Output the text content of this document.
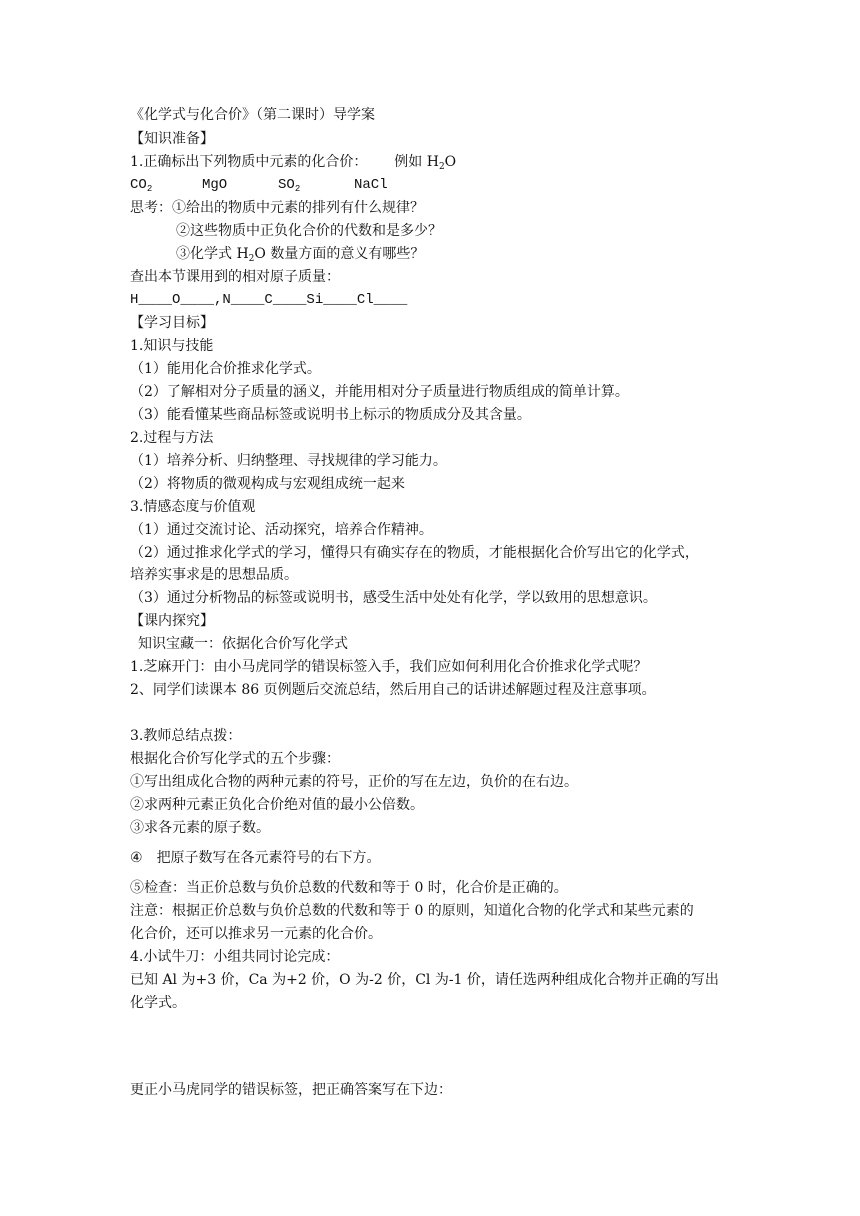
《化学式与化合价》（第二课时）导学案
【知识准备】
1.正确标出下列物质中元素的化合价： 例如 $H_2O$
$CO_2$	MgO	$SO_2$	NaCl
思考：①给出的物质中元素的排列有什么规律？
②这些物质中正负化合价的代数和是多少？
③化学式 $H_2O$ 数量方面的意义有哪些？
查出本节课用到的相对原子质量：
H____O____,N____C____Si____Cl____
【学习目标】
1.知识与技能
（1）能用化合价推求化学式。
（2）了解相对分子质量的涵义，并能用相对分子质量进行物质组成的简单计算。
（3）能看懂某些商品标签或说明书上标示的物质成分及其含量。
2.过程与方法
（1）培养分析、归纳整理、寻找规律的学习能力。
（2）将物质的微观构成与宏观组成统一起来
3.情感态度与价值观
（1）通过交流讨论、活动探究，培养合作精神。
（2）通过推求化学式的学习，懂得只有确实存在的物质，才能根据化合价写出它的化学式，
培养实事求是的思想品质。
（3）通过分析物品的标签或说明书，感受生活中处处有化学，学以致用的思想意识。
【课内探究】
知识宝藏一：依据化合价写化学式
1.芝麻开门：由小马虎同学的错误标签入手，我们应如何利用化合价推求化学式呢？
2、同学们读课本 86 页例题后交流总结，然后用自己的话讲述解题过程及注意事项。
3.教师总结点拨：
根据化合价写化学式的五个步骤：
①写出组成化合物的两种元素的符号，正价的写在左边，负价的在右边。
②求两种元素正负化合价绝对值的最小公倍数。
③求各元素的原子数。
④ 把原子数写在各元素符号的右下方。
⑤检查：当正价总数与负价总数的代数和等于 0 时，化合价是正确的。
注意：根据正价总数与负价总数的代数和等于 0 的原则，知道化合物的化学式和某些元素的
化合价，还可以推求另一元素的化合价。
4.小试牛刀：小组共同讨论完成：
已知 Al 为+3 价，Ca 为+2 价，O 为-2 价，Cl 为-1 价，请任选两种组成化合物并正确的写出
化学式。
更正小马虎同学的错误标签，把正确答案写在下边：
